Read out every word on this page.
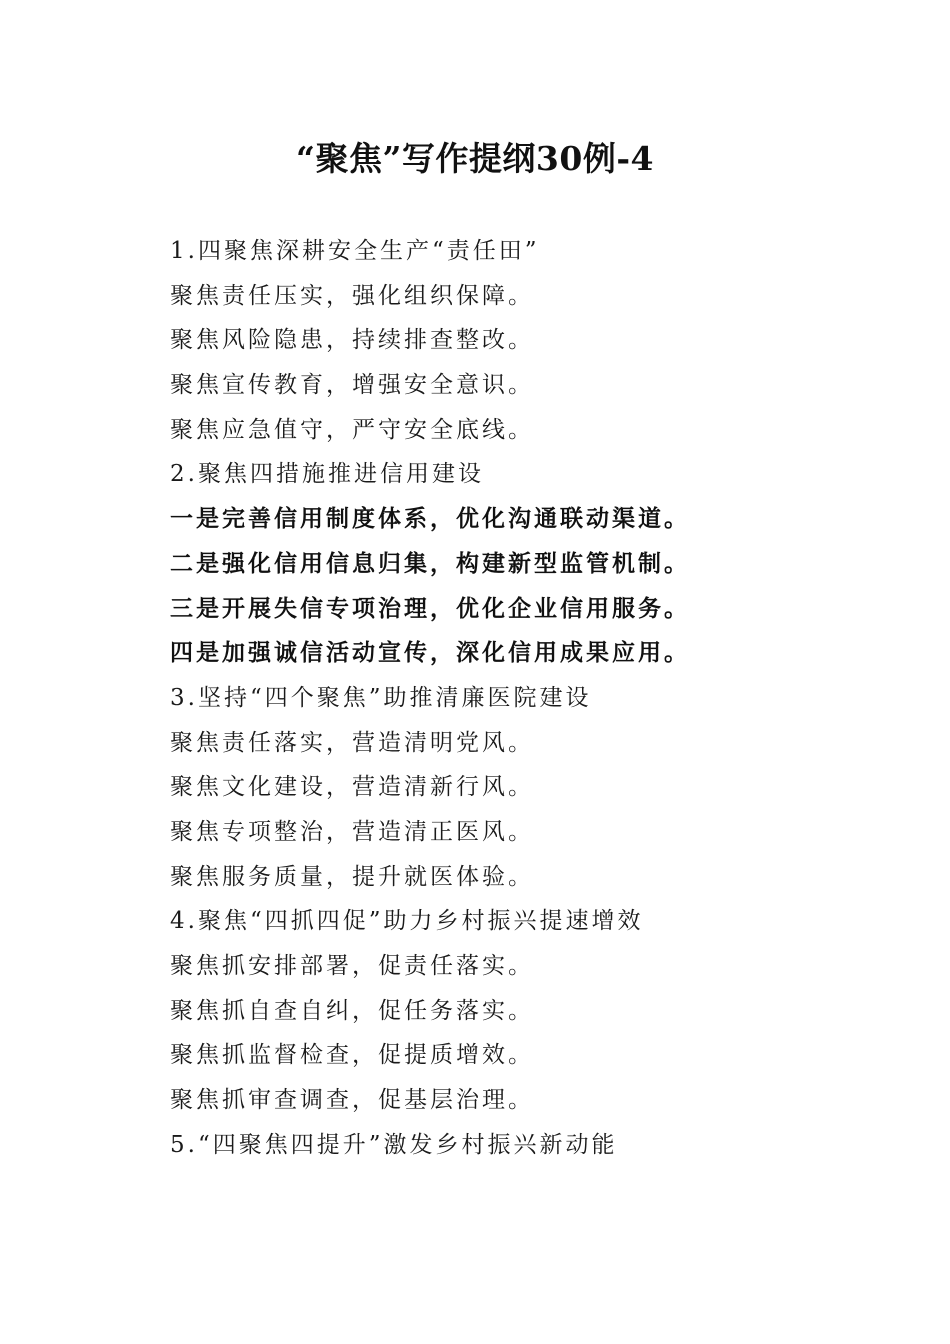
“聚焦”写作提纲30例-4
1.四聚焦深耕安全生产“责任田”
聚焦责任压实，强化组织保障。
聚焦风险隐患，持续排查整改。
聚焦宣传教育，增强安全意识。
聚焦应急值守，严守安全底线。
2.聚焦四措施推进信用建设
一是完善信用制度体系，优化沟通联动渠道。
二是强化信用信息归集，构建新型监管机制。
三是开展失信专项治理，优化企业信用服务。
四是加强诚信活动宣传，深化信用成果应用。
3.坚持“四个聚焦”助推清廉医院建设
聚焦责任落实，营造清明党风。
聚焦文化建设，营造清新行风。
聚焦专项整治，营造清正医风。
聚焦服务质量，提升就医体验。
4.聚焦“四抓四促”助力乡村振兴提速增效
聚焦抓安排部署，促责任落实。
聚焦抓自查自纠，促任务落实。
聚焦抓监督检查，促提质增效。
聚焦抓审查调查，促基层治理。
5.“四聚焦四提升”激发乡村振兴新动能
